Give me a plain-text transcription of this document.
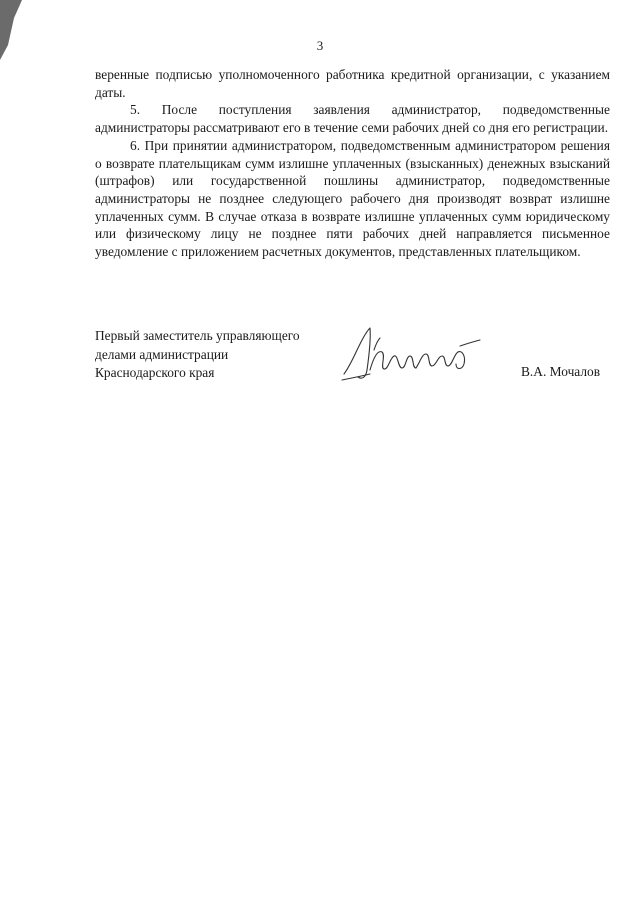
3

веренные подписью уполномоченного работника кредитной организации, с указанием даты.

5. После поступления заявления администратор, подведомственные администраторы рассматривают его в течение семи рабочих дней со дня его регистрации.

6. При принятии администратором, подведомственным администратором решения о возврате плательщикам сумм излишне уплаченных (взысканных) денежных взысканий (штрафов) или государственной пошлины администратор, подведомственные администраторы не позднее следующего рабочего дня производят возврат излишне уплаченных сумм. В случае отказа в возврате излишне уплаченных сумм юридическому или физическому лицу не позднее пяти рабочих дней направляется письменное уведомление с приложением расчетных документов, представленных плательщиком.

Первый заместитель управляющего
делами администрации
Краснодарского края	В.А. Мочалов
